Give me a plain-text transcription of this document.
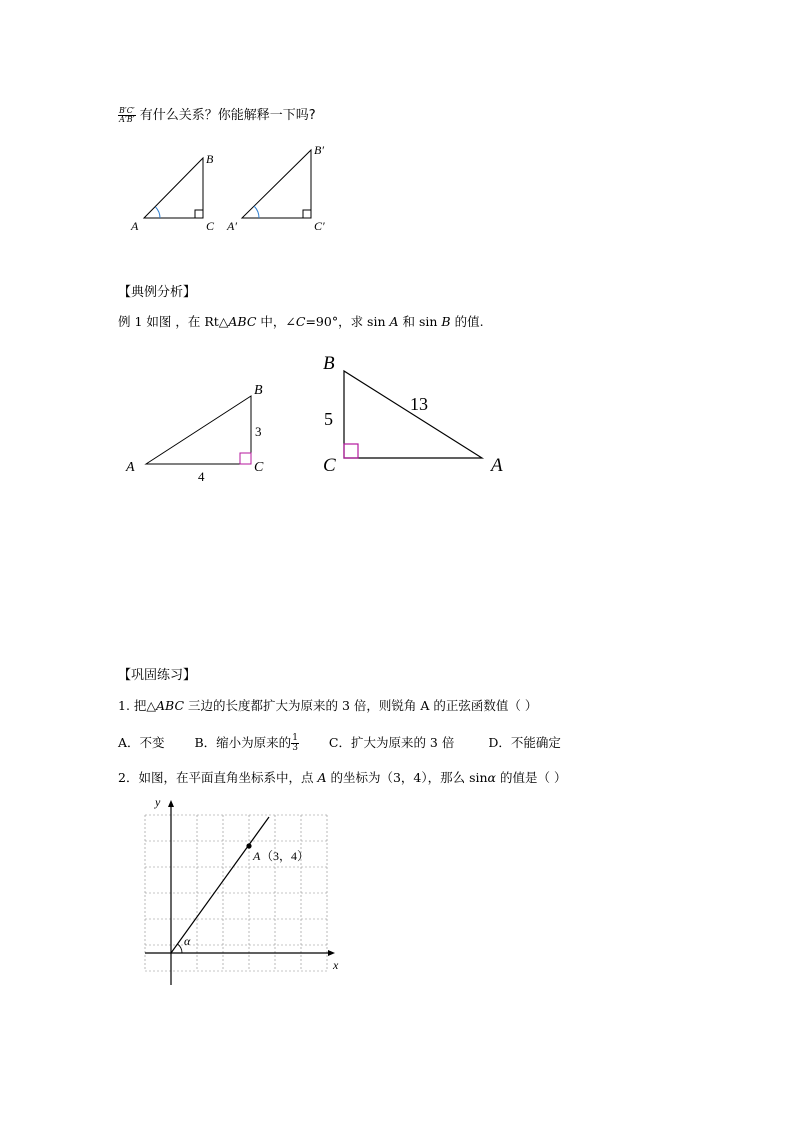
$\frac{B'C'}{A'B'}$ 有什么关系？你能解释一下吗?
A
B
C A′
B′
C′
【典例分析】
例 1 如图 ，在 Rt△ABC 中，∠C=90°，求 sin A 和 sin B 的值.
A
B
C
3
4
B
C	A
5
13
【巩固练习】
1. 把△ABC 三边的长度都扩大为原来的 3 倍，则锐角 A 的正弦函数值（ ）
A．不变 B．缩小为原来的 $\frac{1}{3}$ C．扩大为原来的 3 倍	D．不能确定
2．如图，在平面直角坐标系中，点 A 的坐标为（3，4），那么 sinα 的值是（ ）
α
y
x
A （3，4）
